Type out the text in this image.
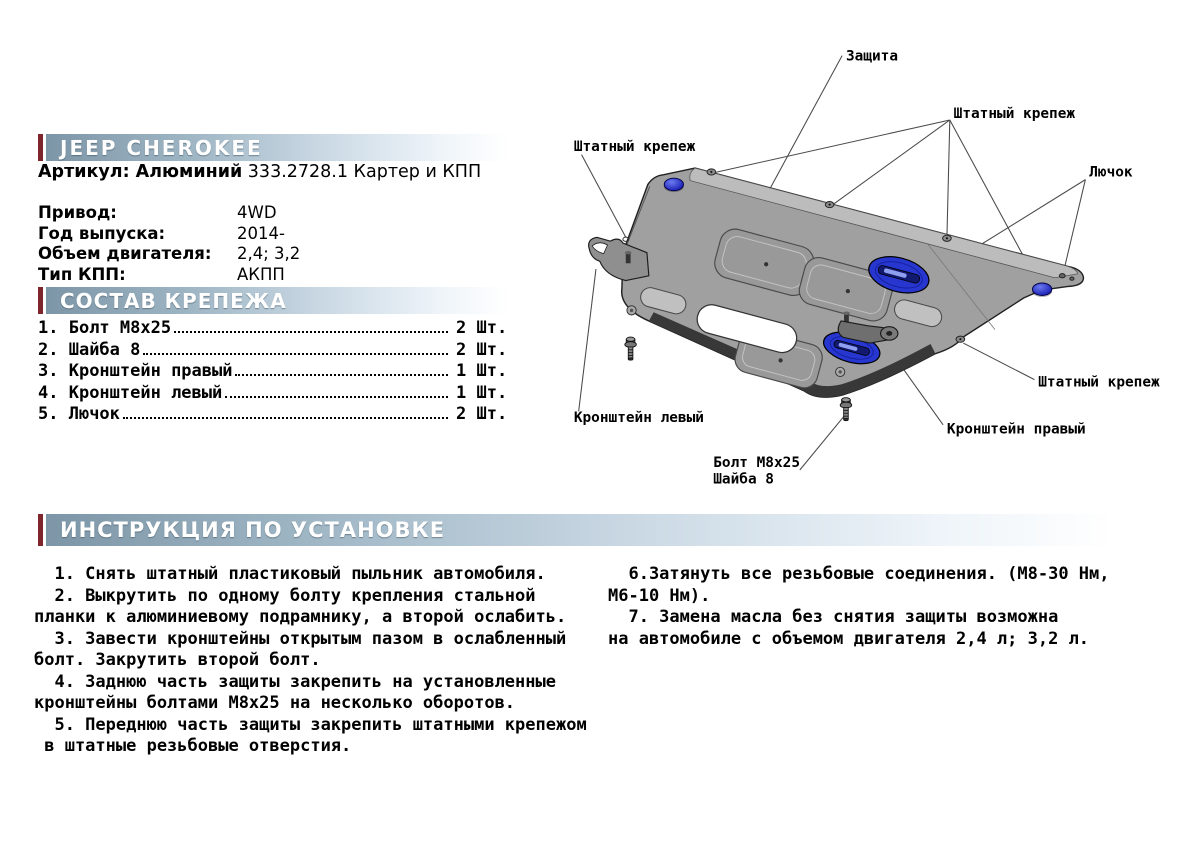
JEEP CHEROKEE
Артикул: Алюминий 333.2728.1 Картер и КПП
Привод:	4WD
Год выпуска:	2014-
Объем двигателя:	2,4; 3,2
Тип КПП:	АКПП
СОСТАВ КРЕПЕЖА
1. Болт М8х25	2 Шт.
2. Шайба 8	2 Шт.
3. Кронштейн правый	1 Шт.
4. Кронштейн левый	1 Шт.
5. Лючок	2 Шт.
Штатный крепеж
Защита
Штатный крепеж
Лючок
Штатный крепеж
Кронштейн правый
Кронштейн левый
Болт М8х25
Шайба 8
ИНСТРУКЦИЯ ПО УСТАНОВКЕ
1. Снять штатный пластиковый пыльник автомобиля.
2. Выкрутить по одному болту крепления стальной
планки к алюминиевому подрамнику, а второй ослабить.
3. Завести кронштейны открытым пазом в ослабленный
болт. Закрутить второй болт.
4. Заднюю часть защиты закрепить на установленные
кронштейны болтами М8х25 на несколько оборотов.
5. Переднюю часть защиты закрепить штатными крепежом
в штатные резьбовые отверстия.
6.Затянуть все резьбовые соединения. (М8-30 Нм,
М6-10 Нм).
7. Замена масла без снятия защиты возможна
на автомобиле с объемом двигателя 2,4 л; 3,2 л.
